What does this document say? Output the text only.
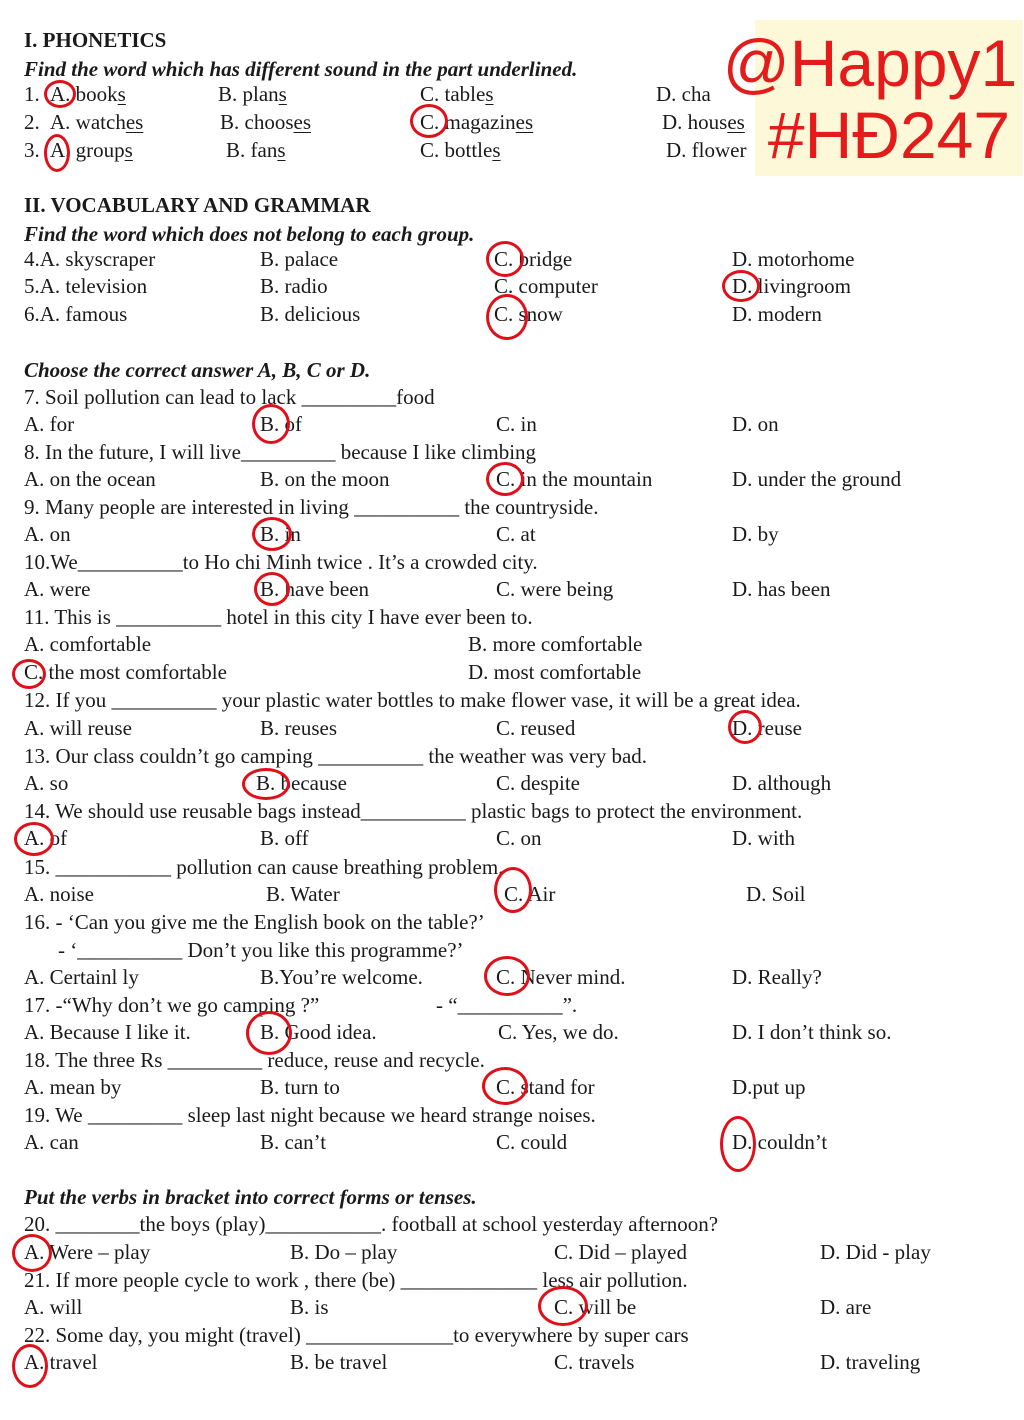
I. PHONETICS
Find the word which has different sound in the part underlined.
1. A. books	B. plans	C. tables	D. cha
2. A. watches	B. chooses	C. magazines	D. houses
3. A. groups	B. fans	C. bottles	D. flower
@Happy1
#HĐ247
II. VOCABULARY AND GRAMMAR
Find the word which does not belong to each group.
4.A. skyscraper	B. palace	C. bridge	D. motorhome
5.A. television	B. radio	C. computer	D. livingroom
6.A. famous	B. delicious	C. snow	D. modern
Choose the correct answer A, B, C or D.
7. Soil pollution can lead to lack _________food
A. for	B. of	C. in	D. on
8. In the future, I will live_________ because I like climbing
A. on the ocean	B. on the moon	C. in the mountain	D. under the ground
9. Many people are interested in living __________ the countryside.
A. on	B. in	C. at	D. by
10.We__________to Ho chi Minh twice . It’s a crowded city.
A. were	B. have been	C. were being	D. has been
11. This is __________ hotel in this city I have ever been to.
A. comfortable	B. more comfortable
C. the most comfortable	D. most comfortable
12. If you __________ your plastic water bottles to make flower vase, it will be a great idea.
A. will reuse	B. reuses	C. reused	D. reuse
13. Our class couldn’t go camping __________ the weather was very bad.
A. so	B. because	C. despite	D. although
14. We should use reusable bags instead__________ plastic bags to protect the environment.
A. of	B. off	C. on	D. with
15. ___________ pollution can cause breathing problem.
A. noise	B. Water	C. Air	D. Soil
16. - ‘Can you give me the English book on the table?’
- ‘__________ Don’t you like this programme?’
A. Certainl ly	B.You’re welcome.	C. Never mind.	D. Really?
17. -“Why don’t we go camping ?”	- “__________”.
A. Because I like it.	B. Good idea.	C. Yes, we do.	D. I don’t think so.
18. The three Rs _________ reduce, reuse and recycle.
A. mean by	B. turn to	C. stand for	D.put up
19. We _________ sleep last night because we heard strange noises.
A. can	B. can’t	C. could	D. couldn’t
Put the verbs in bracket into correct forms or tenses.
20. ________the boys (play)___________. football at school yesterday afternoon?
A. Were – play	B. Do – play	C. Did – played	D. Did - play
21. If more people cycle to work , there (be) _____________ less air pollution.
A. will	B. is	C. will be	D. are
22. Some day, you might (travel) ______________to everywhere by super cars
A. travel	B. be travel	C. travels	D. traveling
